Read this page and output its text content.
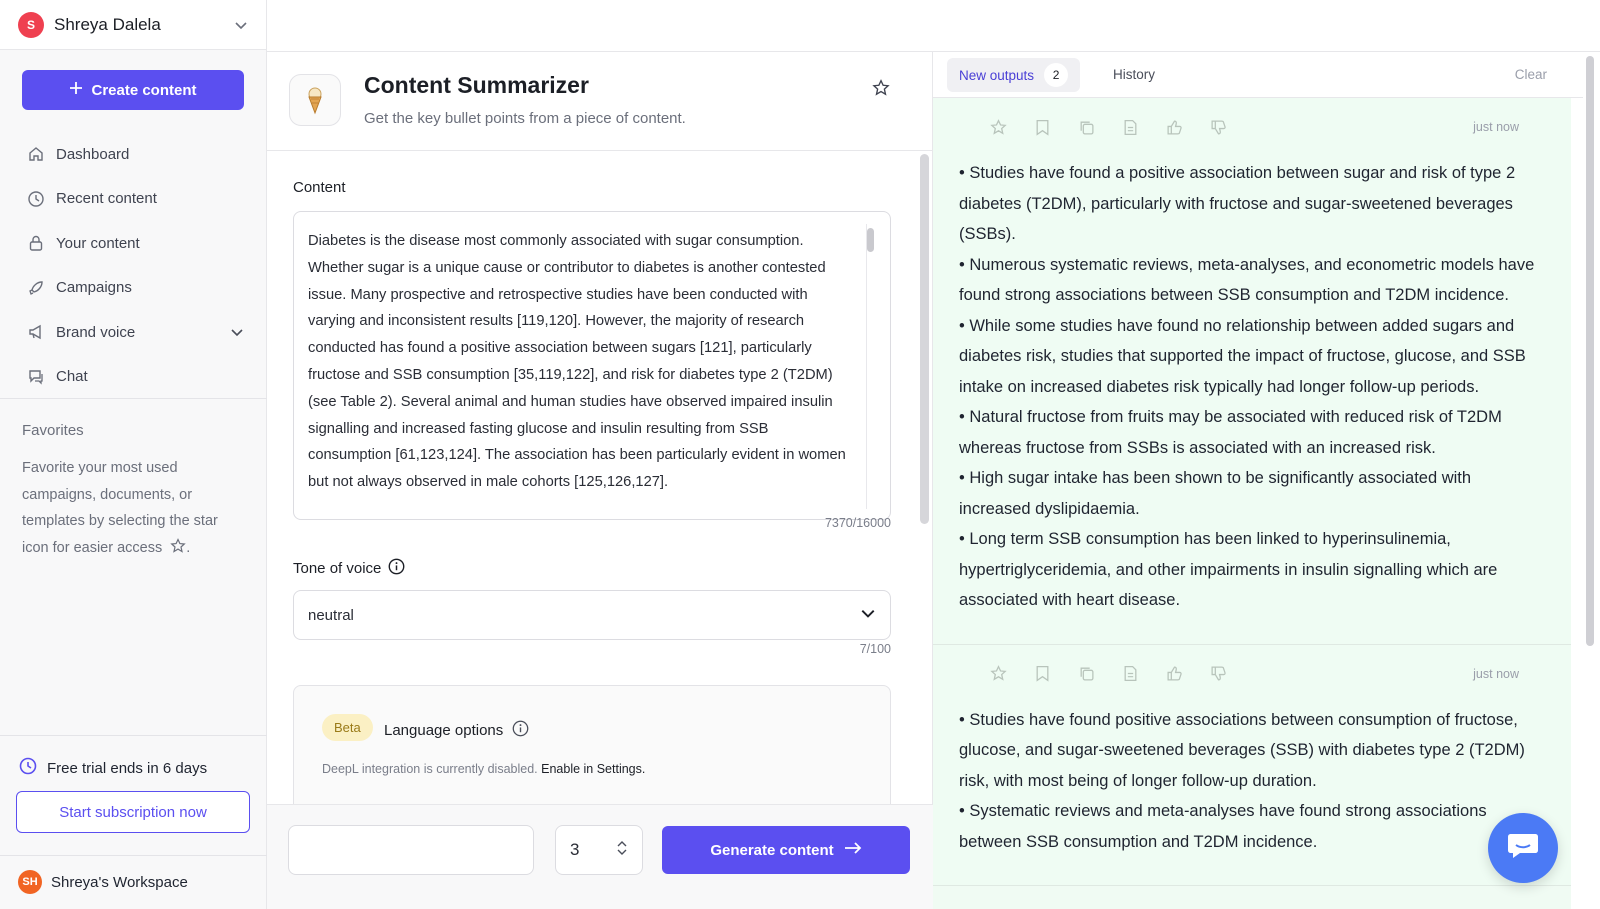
S	Shreya Dalela
Create content
Dashboard
Recent content
Your content
Campaigns
Brand voice
Chat
Favorites
Favorite your most used campaigns, documents, or templates by selecting the star icon for easier access .
Free trial ends in 6 days
Start subscription now
SH Shreya's Workspace
Content Summarizer
Get the key bullet points from a piece of content.
Content
Diabetes is the disease most commonly associated with sugar consumption. Whether sugar is a unique cause or contributor to diabetes is another contested issue. Many prospective and retrospective studies have been conducted with varying and inconsistent results [119,120]. However, the majority of research conducted has found a positive association between sugars [121], particularly fructose and SSB consumption [35,119,122], and risk for diabetes type 2 (T2DM) (see Table 2). Several animal and human studies have observed impaired insulin signalling and increased fasting glucose and insulin resulting from SSB consumption [61,123,124]. The association has been particularly evident in women but not always observed in male cohorts [125,126,127].
7370/16000
Tone of voice
neutral
7/100
Beta	Language options
DeepL integration is currently disabled. Enable in Settings.
3	Generate content
New outputs	2	History	Clear
just now

• Studies have found a positive association between sugar and risk of type 2 diabetes (T2DM), particularly with fructose and sugar-sweetened beverages (SSBs).

• Numerous systematic reviews, meta-analyses, and econometric models have found strong associations between SSB consumption and T2DM incidence.

• While some studies have found no relationship between added sugars and diabetes risk, studies that supported the impact of fructose, glucose, and SSB intake on increased diabetes risk typically had longer follow-up periods.

• Natural fructose from fruits may be associated with reduced risk of T2DM whereas fructose from SSBs is associated with an increased risk.

• High sugar intake has been shown to be significantly associated with increased dyslipidaemia.

• Long term SSB consumption has been linked to hyperinsulinemia, hypertriglyceridemia, and other impairments in insulin signalling which are associated with heart disease.

just now

• Studies have found positive associations between consumption of fructose, glucose, and sugar-sweetened beverages (SSB) with diabetes type 2 (T2DM) risk, with most being of longer follow-up duration.

• Systematic reviews and meta-analyses have found strong associations between SSB consumption and T2DM incidence.
